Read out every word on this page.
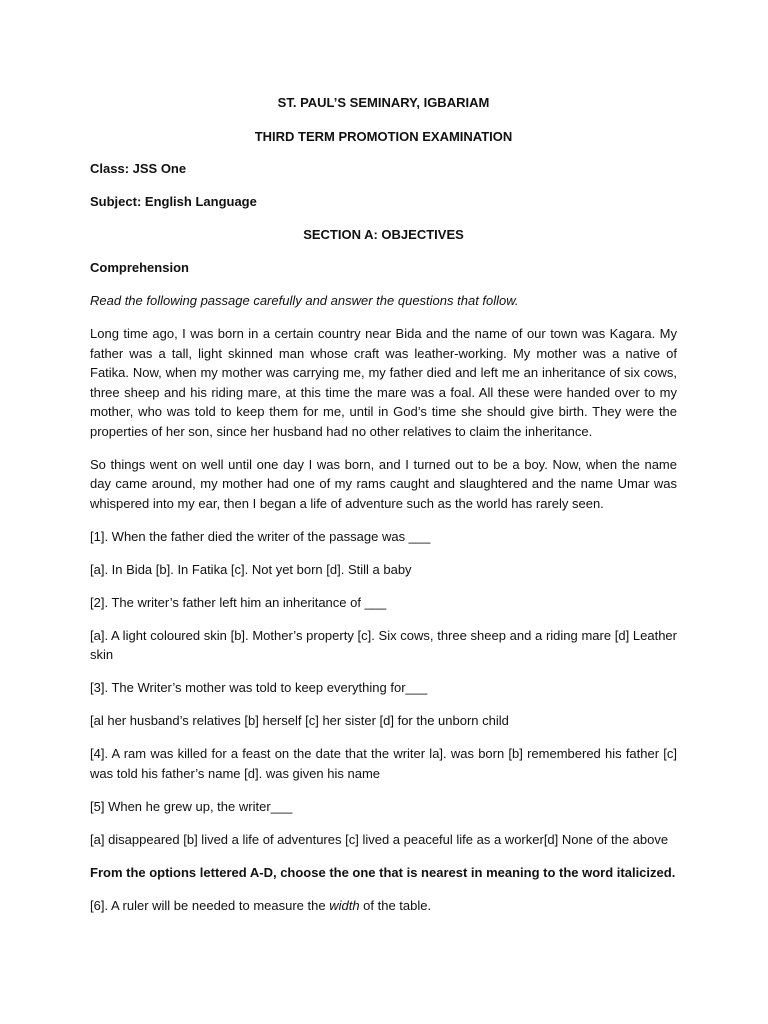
ST. PAUL’S SEMINARY, IGBARIAM

THIRD TERM PROMOTION EXAMINATION

Class: JSS One

Subject: English Language

SECTION A: OBJECTIVES

Comprehension

Read the following passage carefully and answer the questions that follow.

Long time ago, I was born in a certain country near Bida and the name of our town was Kagara. My father was a tall, light skinned man whose craft was leather-working. My mother was a native of Fatika. Now, when my mother was carrying me, my father died and left me an inheritance of six cows, three sheep and his riding mare, at this time the mare was a foal. All these were handed over to my mother, who was told to keep them for me, until in God’s time she should give birth. They were the properties of her son, since her husband had no other relatives to claim the inheritance.

So things went on well until one day I was born, and I turned out to be a boy. Now, when the name day came around, my mother had one of my rams caught and slaughtered and the name Umar was whispered into my ear, then I began a life of adventure such as the world has rarely seen.

[1]. When the father died the writer of the passage was ___

[a]. In Bida [b]. In Fatika [c]. Not yet born [d]. Still a baby

[2]. The writer’s father left him an inheritance of ___

[a]. A light coloured skin [b]. Mother’s property [c]. Six cows, three sheep and a riding mare [d] Leather skin

[3]. The Writer’s mother was told to keep everything for___

[al her husband’s relatives [b] herself [c] her sister [d] for the unborn child

[4]. A ram was killed for a feast on the date that the writer la]. was born [b] remembered his father [c] was told his father’s name [d]. was given his name

[5] When he grew up, the writer___

[a] disappeared [b] lived a life of adventures [c] lived a peaceful life as a worker[d] None of the above

From the options lettered A-D, choose the one that is nearest in meaning to the word italicized.

[6]. A ruler will be needed to measure the width of the table.
